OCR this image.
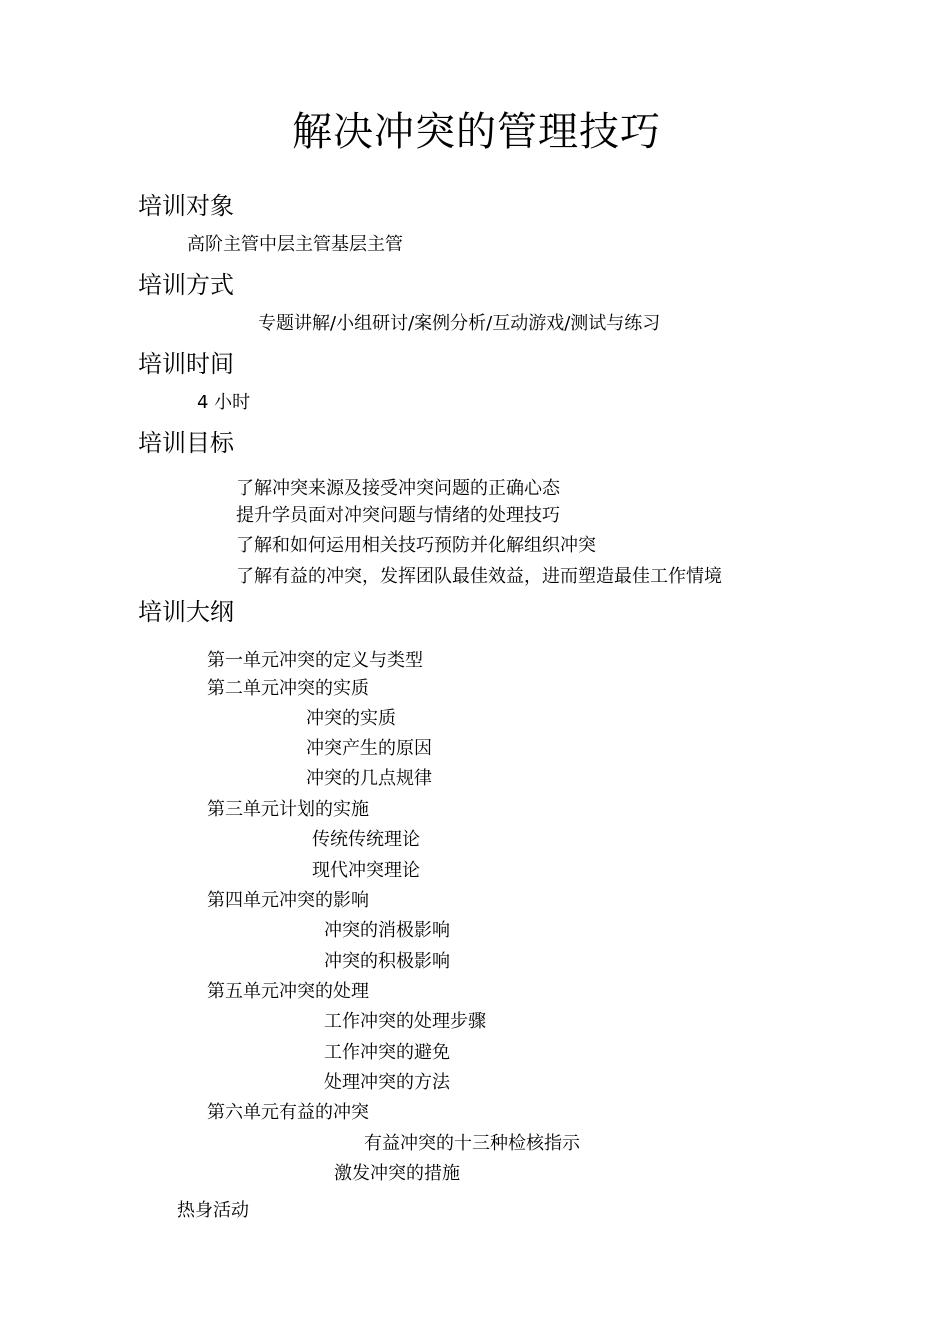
解决冲突的管理技巧
培训对象
高阶主管中层主管基层主管
培训方式
专题讲解/小组研讨/案例分析/互动游戏/测试与练习
培训时间
4 小时
培训目标
了解冲突来源及接受冲突问题的正确心态
提升学员面对冲突问题与情绪的处理技巧
了解和如何运用相关技巧预防并化解组织冲突
了解有益的冲突，发挥团队最佳效益，进而塑造最佳工作情境
培训大纲
第一单元冲突的定义与类型
第二单元冲突的实质
冲突的实质
冲突产生的原因
冲突的几点规律
第三单元计划的实施
传统传统理论
现代冲突理论
第四单元冲突的影响
冲突的消极影响
冲突的积极影响
第五单元冲突的处理
工作冲突的处理步骤
工作冲突的避免
处理冲突的方法
第六单元有益的冲突
有益冲突的十三种检核指示
激发冲突的措施
热身活动
